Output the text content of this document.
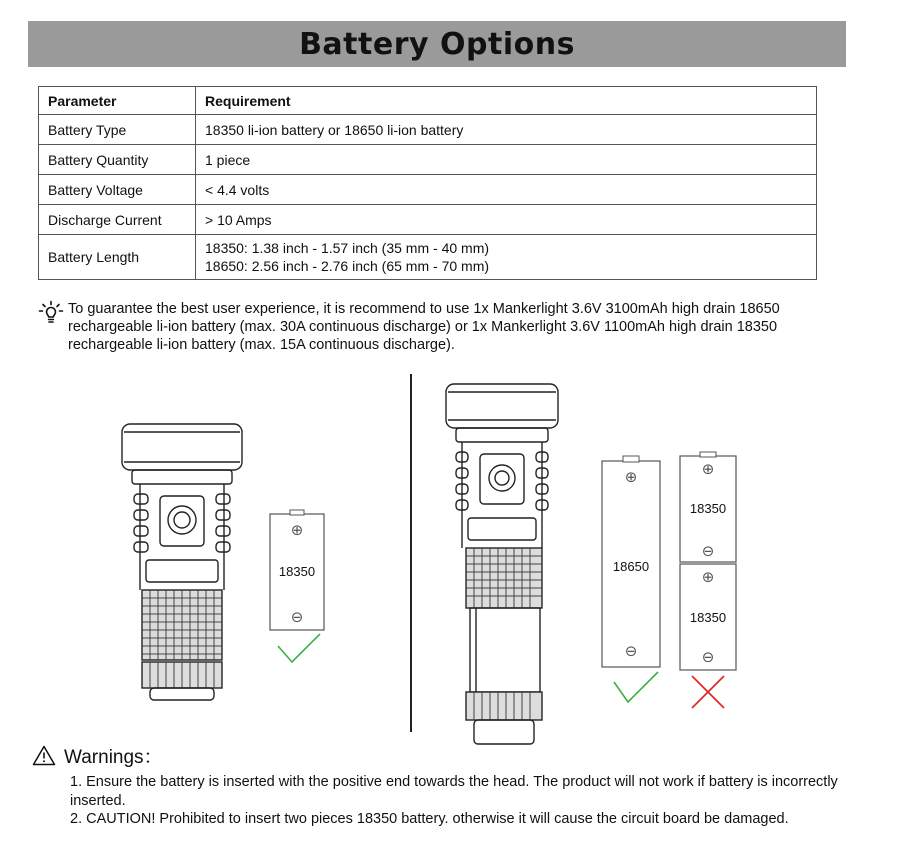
Battery Options
Parameter	Requirement
Battery Type	18350 li-ion battery or 18650 li-ion battery
Battery Quantity	1 piece
Battery Voltage	< 4.4 volts
Discharge Current	> 10 Amps
Battery Length	18350: 1.38 inch - 1.57 inch (35 mm - 40 mm)
18650: 2.56 inch - 2.76 inch (65 mm - 70 mm)

To guarantee the best user experience, it is recommend to use 1x Mankerlight 3.6V 3100mAh high drain 18650 rechargeable li-ion battery (max. 30A continuous discharge) or 1x Mankerlight 3.6V 1100mAh high drain 18350 rechargeable li-ion battery (max. 15A continuous discharge).

⊕
18350
⊖
⊕
18650
⊖
⊕
18350
⊖
⊕
18350
⊖
Warnings：
1. Ensure the battery is inserted with the positive end towards the head. The product will not work if battery is incorrectly inserted.
2. CAUTION! Prohibited to insert two pieces 18350 battery. otherwise it will cause the circuit board be damaged.
